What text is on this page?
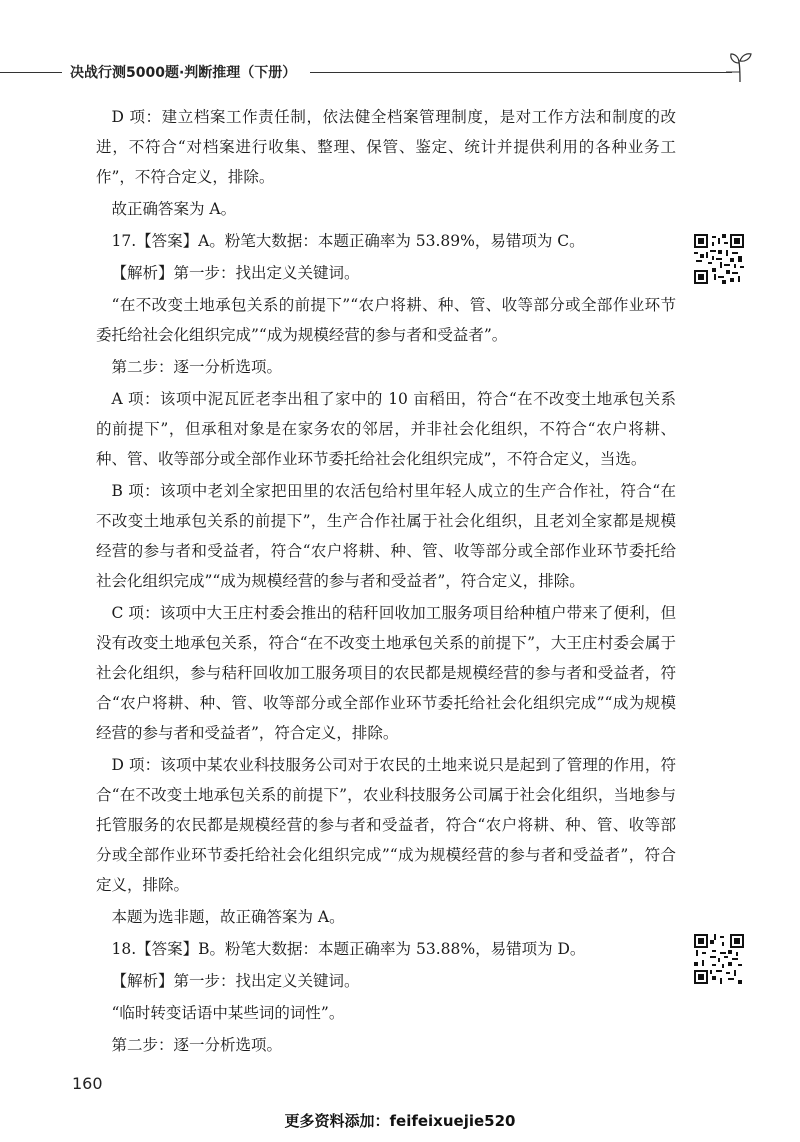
决战行测5000题·判断推理（下册）

D 项：建立档案工作责任制，依法健全档案管理制度，是对工作方法和制度的改进，不符合“对档案进行收集、整理、保管、鉴定、统计并提供利用的各种业务工作”，不符合定义，排除。

故正确答案为 A。

17.【答案】A。粉笔大数据：本题正确率为 53.89%，易错项为 C。

【解析】第一步：找出定义关键词。

“在不改变土地承包关系的前提下”“农户将耕、种、管、收等部分或全部作业环节委托给社会化组织完成”“成为规模经营的参与者和受益者”。

第二步：逐一分析选项。

A 项：该项中泥瓦匠老李出租了家中的 10 亩稻田，符合“在不改变土地承包关系的前提下”，但承租对象是在家务农的邻居，并非社会化组织，不符合“农户将耕、种、管、收等部分或全部作业环节委托给社会化组织完成”，不符合定义，当选。

B 项：该项中老刘全家把田里的农活包给村里年轻人成立的生产合作社，符合“在不改变土地承包关系的前提下”，生产合作社属于社会化组织，且老刘全家都是规模经营的参与者和受益者，符合“农户将耕、种、管、收等部分或全部作业环节委托给社会化组织完成”“成为规模经营的参与者和受益者”，符合定义，排除。

C 项：该项中大王庄村委会推出的秸秆回收加工服务项目给种植户带来了便利，但没有改变土地承包关系，符合“在不改变土地承包关系的前提下”，大王庄村委会属于社会化组织，参与秸秆回收加工服务项目的农民都是规模经营的参与者和受益者，符合“农户将耕、种、管、收等部分或全部作业环节委托给社会化组织完成”“成为规模经营的参与者和受益者”，符合定义，排除。

D 项：该项中某农业科技服务公司对于农民的土地来说只是起到了管理的作用，符合“在不改变土地承包关系的前提下”，农业科技服务公司属于社会化组织，当地参与托管服务的农民都是规模经营的参与者和受益者，符合“农户将耕、种、管、收等部分或全部作业环节委托给社会化组织完成”“成为规模经营的参与者和受益者”，符合定义，排除。

本题为选非题，故正确答案为 A。

18.【答案】B。粉笔大数据：本题正确率为 53.88%，易错项为 D。

【解析】第一步：找出定义关键词。

“临时转变话语中某些词的词性”。

第二步：逐一分析选项。

160
更多资料添加：feifeixuejie520
